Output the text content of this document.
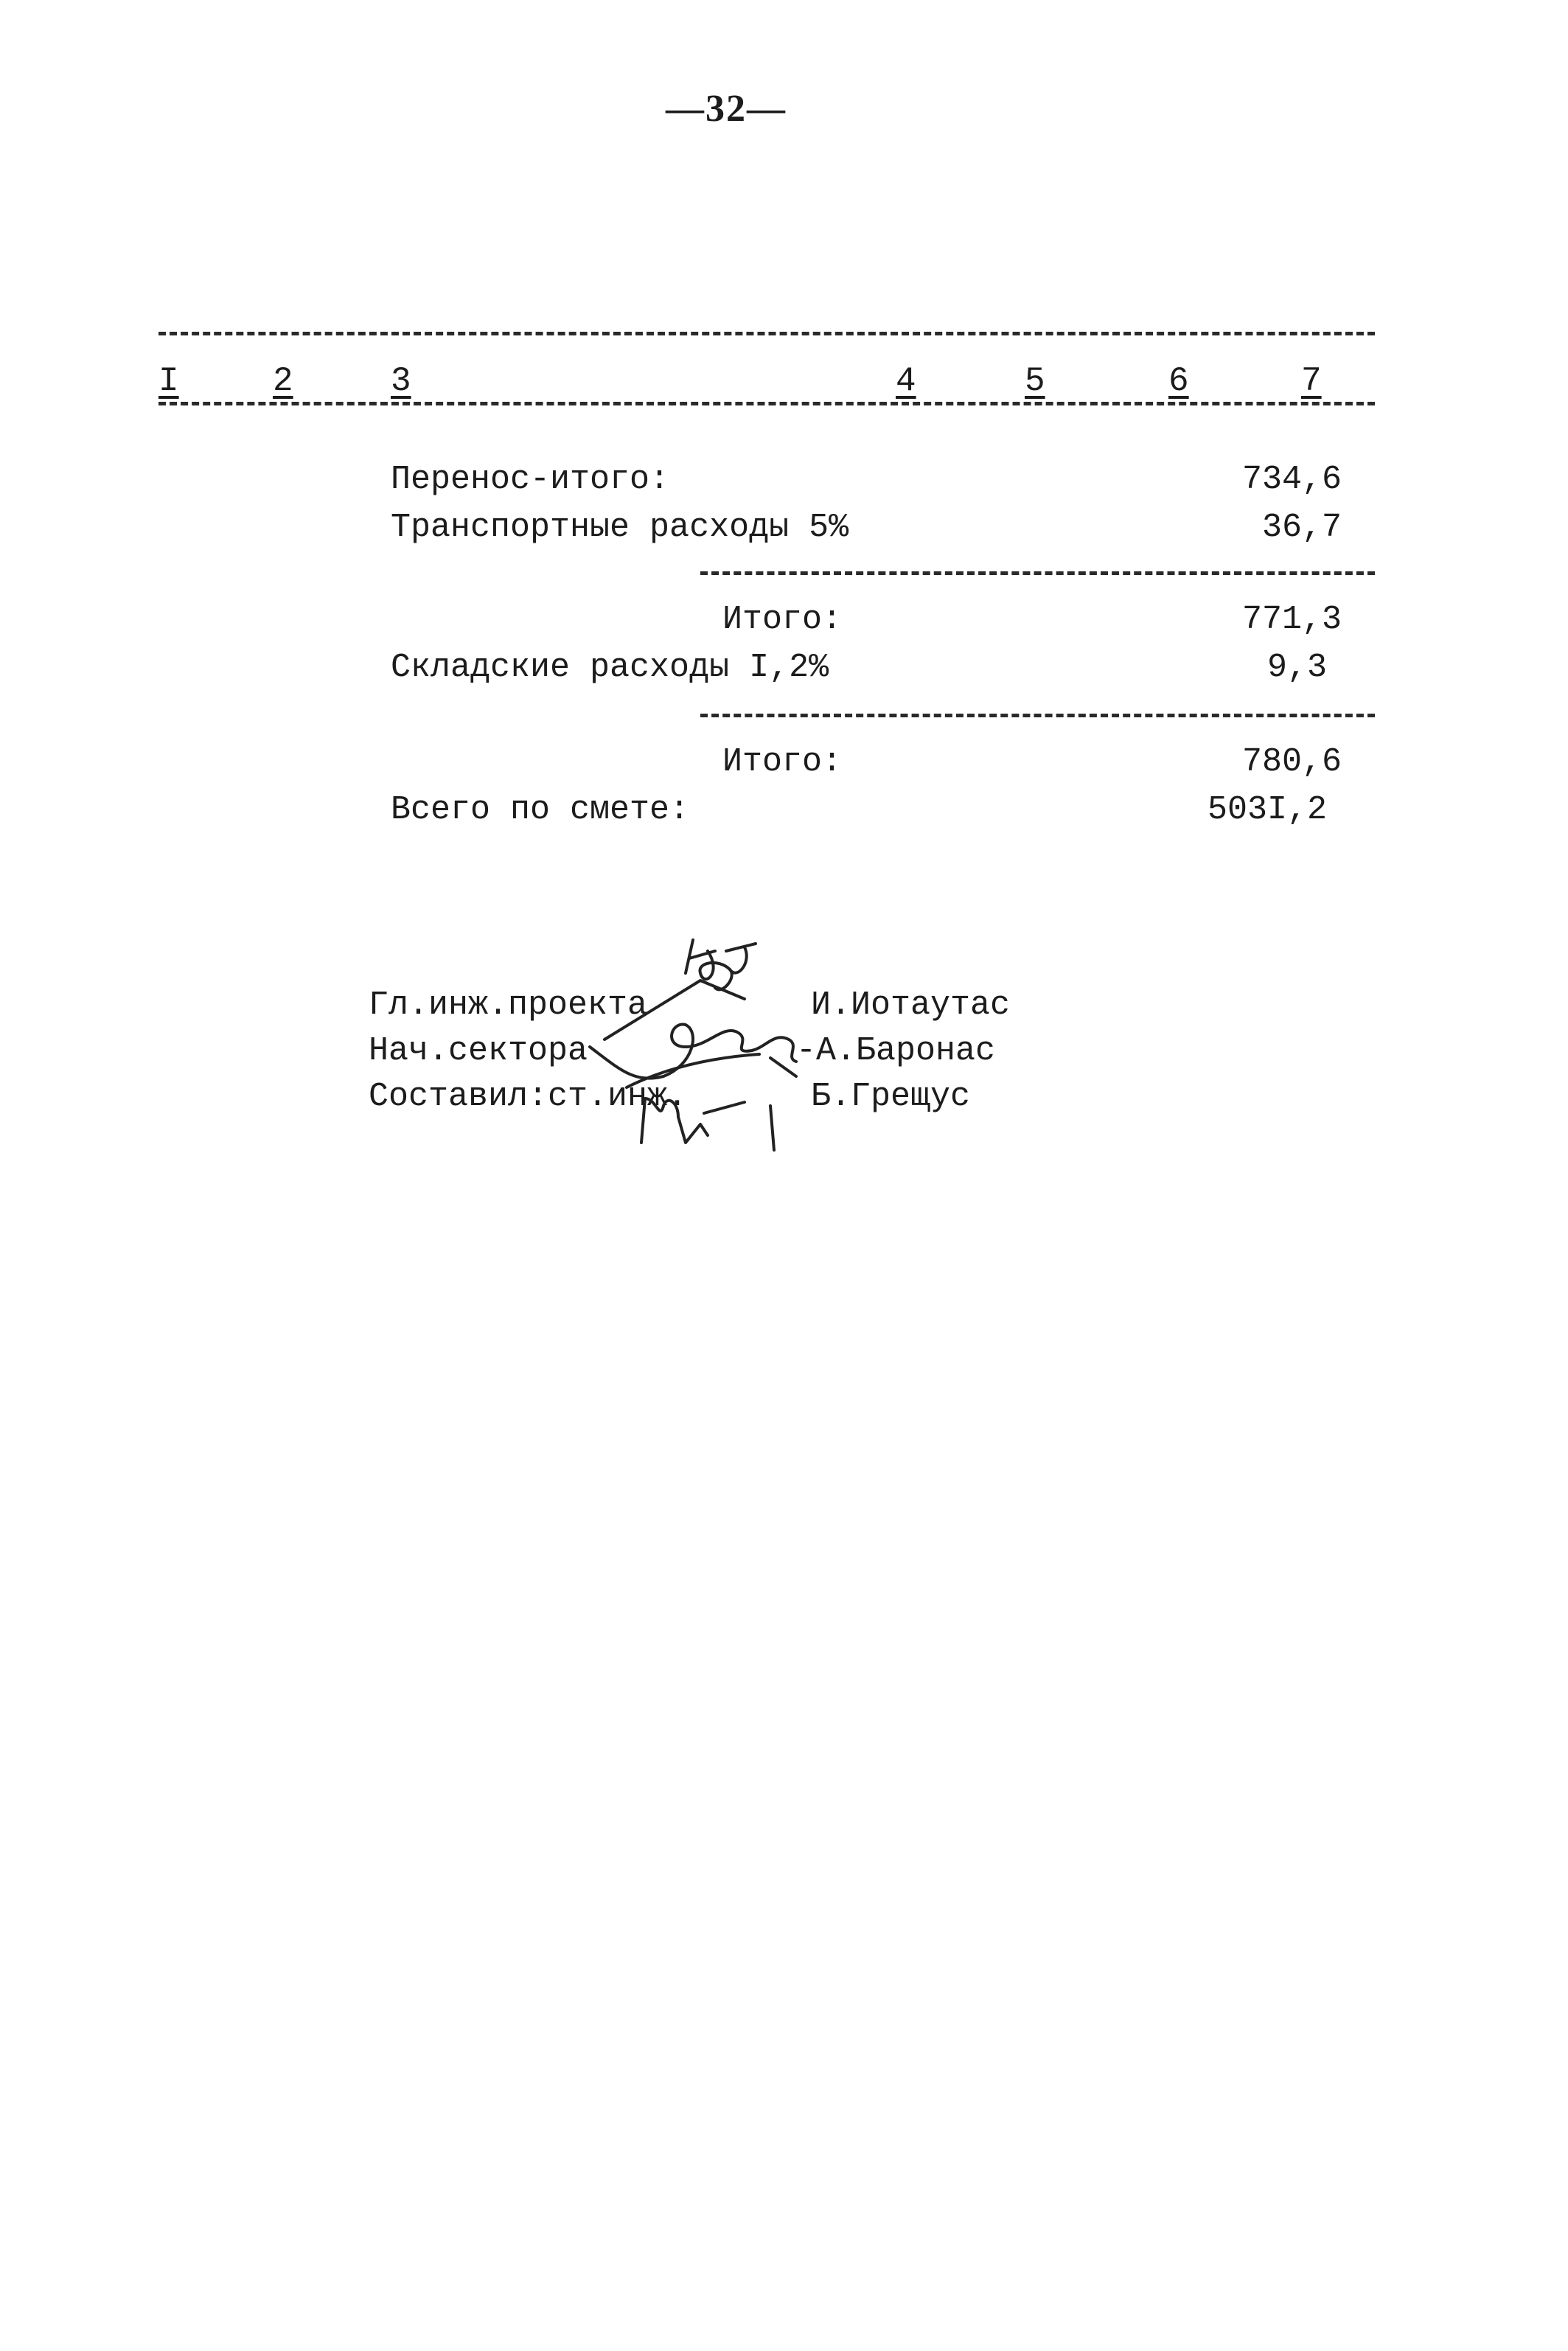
—32—
I	2	3	4	5	6	7
Перенос-итого:	734,6
Транспортные расходы 5%	36,7
Итого:	771,3
Складские расходы I,2%	9,3
Итого:	780,6
Всего по смете:	503I,2
Гл.инж.проекта	И.Иотаутас
Нач.сектора	-А.Баронас
Составил:ст.инж.	Б.Грещус
